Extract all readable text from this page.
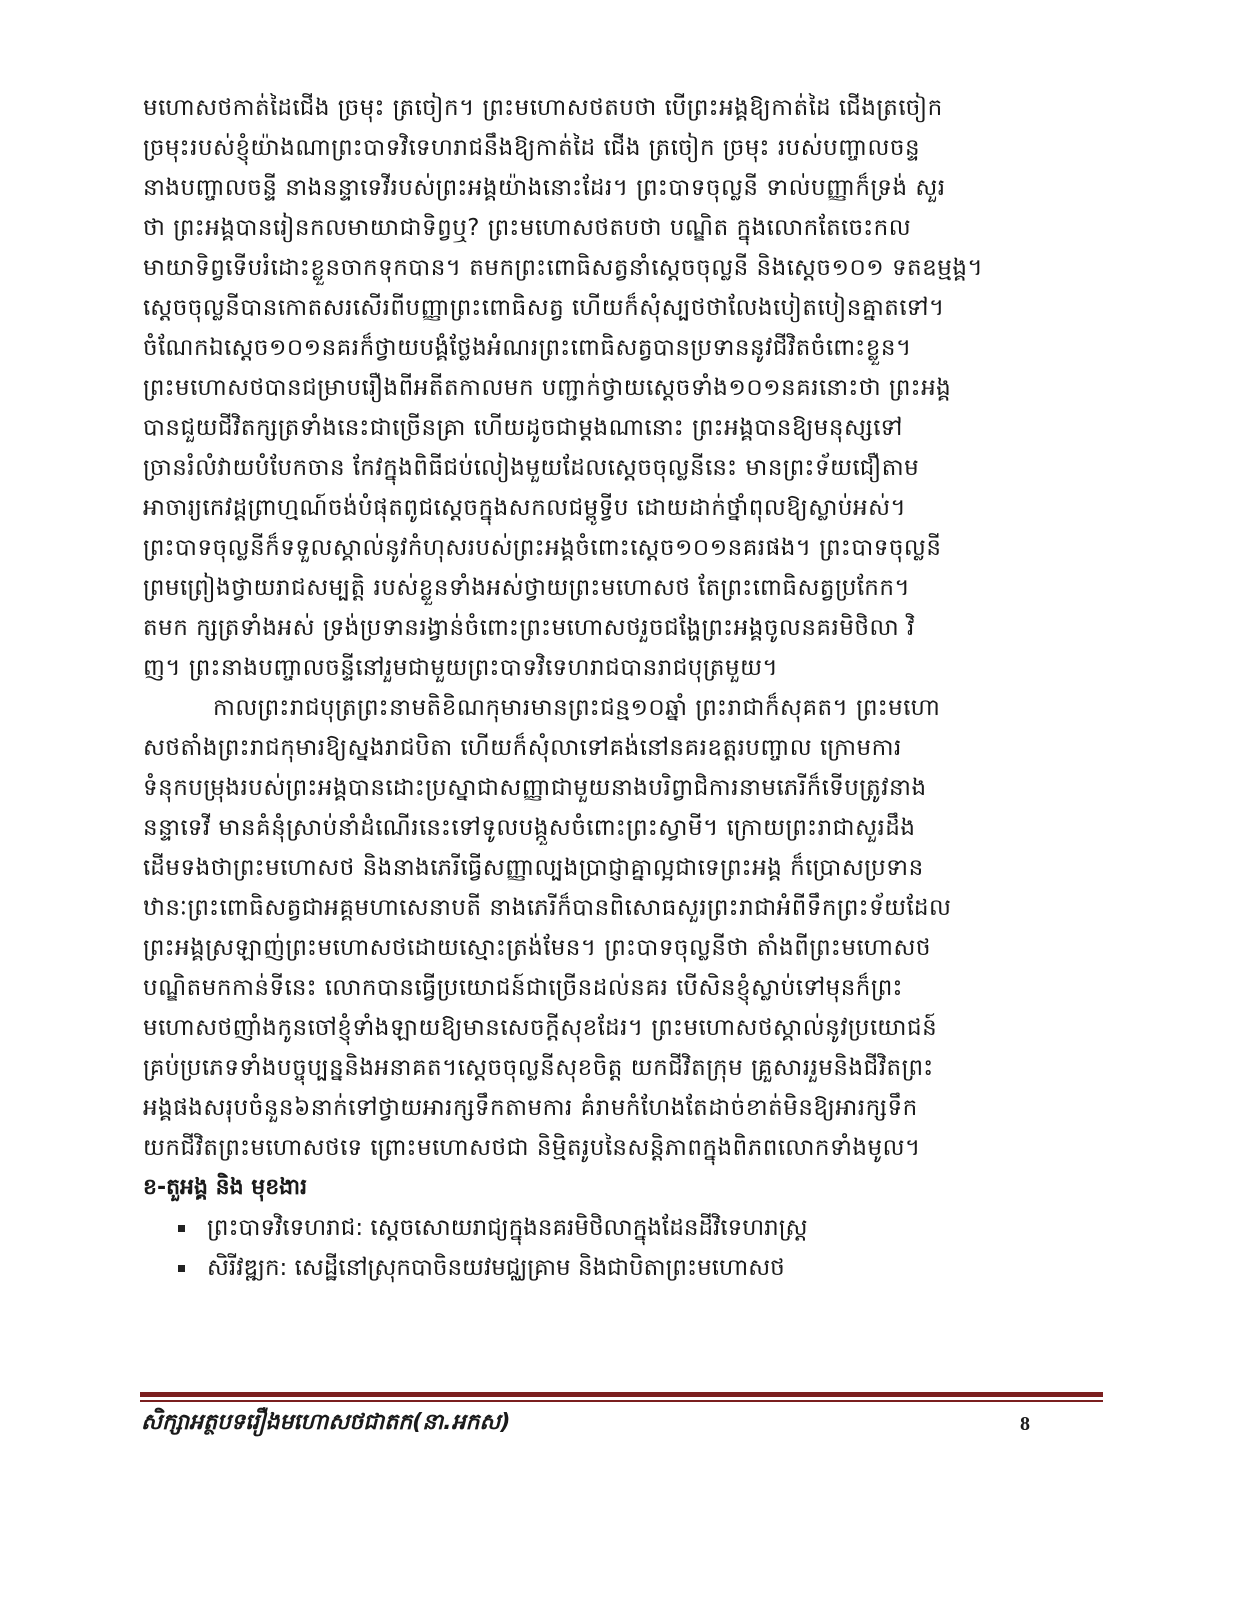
មហោសថកាត់ដៃជើង ច្រមុះ ត្រចៀក។ ព្រះមហោសថតបថា បើព្រះអង្គឱ្យកាត់ដៃ ជើងត្រចៀក
ច្រមុះរបស់ខ្ញុំយ៉ាងណាព្រះបាទវិទេហរាជនឹងឱ្យកាត់ដៃ ជើង ត្រចៀក ច្រមុះ របស់បញ្ចាលចន្ទ
នាងបញ្ចាលចន្ទី នាងនន្ទាទេវីរបស់ព្រះអង្គយ៉ាងនោះដែរ។ ព្រះបាទចុល្លនី ទាល់បញ្ញាក៏ទ្រង់ សួរ
ថា ព្រះអង្គបានរៀនកលមាយាជាទិព្វឬ? ព្រះមហោសថតបថា បណ្ឌិត ក្នុងលោកតែចេះកល
មាយាទិព្វទើបរំដោះខ្លួនចាកទុកបាន។ តមកព្រះពោធិសត្វនាំស្ដេចចុល្លនី និងស្ដេច១០១ ទតឧម្មង្គ។
ស្ដេចចុល្លនីបានកោតសរសើរពីបញ្ញាព្រះពោធិសត្វ ហើយក៏សុំស្បថថាលែងបៀតបៀនគ្នាតទៅ។
ចំណែកឯស្ដេច១០១នគរក៏ថ្វាយបង្គំថ្លែងអំណរព្រះពោធិសត្វបានប្រទាននូវជីវិតចំពោះខ្លួន។
ព្រះមហោសថបានជម្រាបរឿងពីអតីតកាលមក បញ្ជាក់ថ្វាយស្ដេចទាំង១០១នគរនោះថា ព្រះអង្គ
បានជួយជីវិតក្សត្រទាំងនេះជាច្រើនគ្រា ហើយដូចជាម្ដងណានោះ ព្រះអង្គបានឱ្យមនុស្សទៅ
ច្រានរំលំវាយបំបែកចាន កែវក្នុងពិធីជប់លៀងមួយដែលស្ដេចចុល្លនីនេះ មានព្រះទ័យជឿតាម
អាចារ្យកេវដ្តព្រាហ្មណ៍ចង់បំផុតពូជស្ដេចក្នុងសកលជម្ពូទ្វីប ដោយដាក់ថ្នាំពុលឱ្យស្លាប់អស់។
ព្រះបាទចុល្លនីក៏ទទួលស្គាល់នូវកំហុសរបស់ព្រះអង្គចំពោះស្ដេច១០១នគរផង។ ព្រះបាទចុល្លនី
ព្រមព្រៀងថ្វាយរាជសម្បត្តិ របស់ខ្លួនទាំងអស់ថ្វាយព្រះមហោសថ តែព្រះពោធិសត្វប្រកែក។
តមក ក្សត្រទាំងអស់ ទ្រង់ប្រទានរង្វាន់ចំពោះព្រះមហោសថរួចជង្ហែព្រះអង្គចូលនគរមិថិលា វិ
ញ។ ព្រះនាងបញ្ចាលចន្ទីនៅរួមជាមួយព្រះបាទវិទេហរាជបានរាជបុត្រមួយ។
កាលព្រះរាជបុត្រព្រះនាមតិខិណកុមារមានព្រះជន្ម១០ឆ្នាំ ព្រះរាជាក៏សុគត។ ព្រះមហោ
សថតាំងព្រះរាជកុមារឱ្យស្នងរាជបិតា ហើយក៏សុំលាទៅគង់នៅនគរឧត្តរបញ្ចាល ក្រោមការ
ទំនុកបម្រុងរបស់ព្រះអង្គបានដោះប្រស្នាជាសញ្ញាជាមួយនាងបរិព្វាជិការនាមភេរីក៏ទើបត្រូវនាង
នន្ទាទេវី មានគំនុំស្រាប់នាំដំណើរនេះទៅទូលបង្កួសចំពោះព្រះស្វាមី។ ក្រោយព្រះរាជាសួរដឹង
ដើមទងថាព្រះមហោសថ និងនាងភេរីធ្វើសញ្ញាល្បងប្រាជ្ញាគ្នាល្អជាទេព្រះអង្គ ក៏ប្រោសប្រទាន
ឋានៈព្រះពោធិសត្វជាអគ្គមហាសេនាបតី នាងភេរីក៏បានពិសោធសួរព្រះរាជាអំពីទឹកព្រះទ័យដែល
ព្រះអង្គស្រឡាញ់ព្រះមហោសថដោយស្មោះត្រង់មែន។ ព្រះបាទចុល្លនីថា តាំងពីព្រះមហោសថ
បណ្ឌិតមកកាន់ទីនេះ លោកបានធ្វើប្រយោជន៍ជាច្រើនដល់នគរ បើសិនខ្ញុំស្លាប់ទៅមុនក៏ព្រះ
មហោសថញាំងកូនចៅខ្ញុំទាំងឡាយឱ្យមានសេចក្ដីសុខដែរ។ ព្រះមហោសថស្គាល់នូវប្រយោជន៍
គ្រប់ប្រភេទទាំងបច្ចុប្បន្ននិងអនាគត។ស្ដេចចុល្លនីសុខចិត្ត យកជីវិតក្រុម គ្រួសាររួមនិងជីវិតព្រះ
អង្គផងសរុបចំនួន៦នាក់ទៅថ្វាយអារក្សទឹកតាមការ គំរាមកំហែងតែដាច់ខាត់មិនឱ្យអារក្សទឹក
យកជីវិតព្រះមហោសថទេ ព្រោះមហោសថជា និម្មិតរូបនៃសន្តិភាពក្នុងពិភពលោកទាំងមូល។
ខ-តួអង្គ និង មុខងារ
ព្រះបាទវិទេហរាជ: ស្ដេចសោយរាជ្យក្នុងនគរមិថិលាក្នុងដែនដីវិទេហរាស្ត្រ
សិរីវឌ្ឍក: សេដ្ឋីនៅស្រុកបាចិនយវមជ្ឈគ្រាម និងជាបិតាព្រះមហោសថ
សិក្សាអត្ថបទរឿងមហោសថជាតក(នា.អកស)	8
